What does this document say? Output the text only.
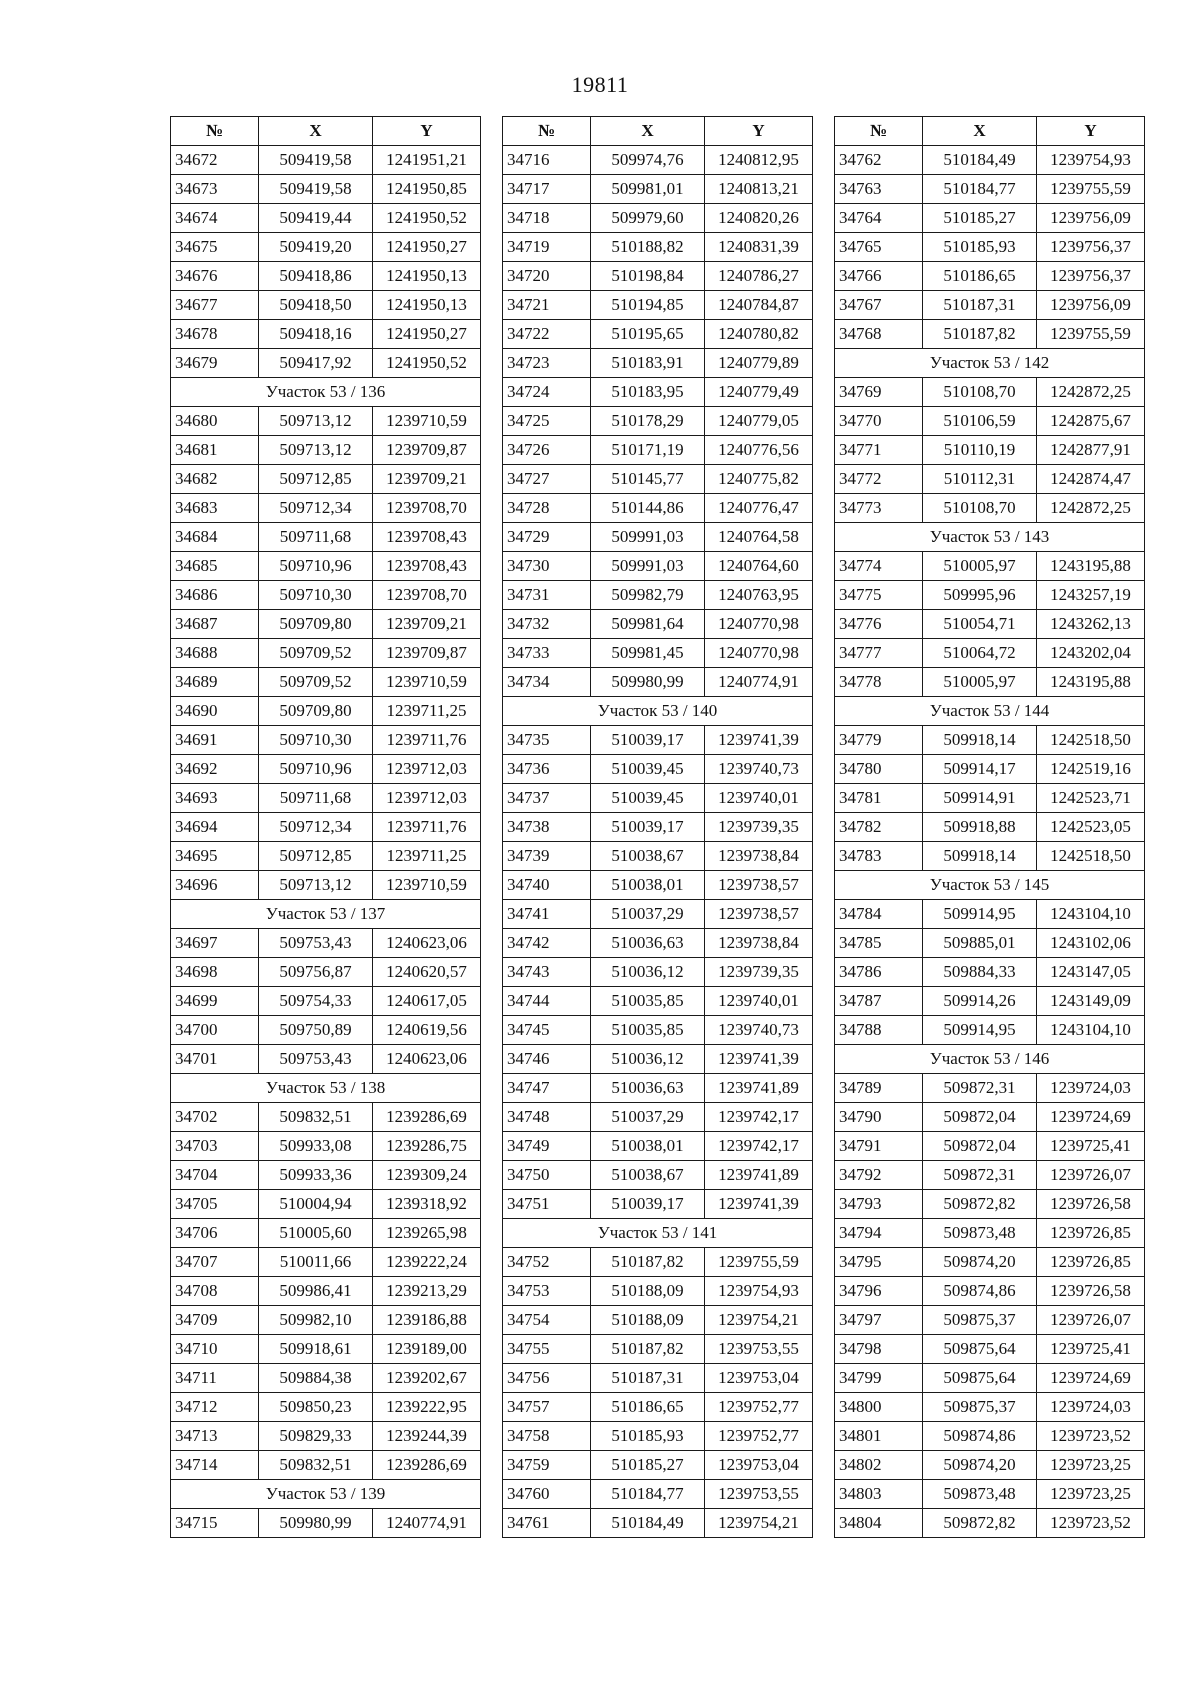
19811
№	X	Y
34672	509419,58	1241951,21
34673	509419,58	1241950,85
34674	509419,44	1241950,52
34675	509419,20	1241950,27
34676	509418,86	1241950,13
34677	509418,50	1241950,13
34678	509418,16	1241950,27
34679	509417,92	1241950,52
Участок 53 / 136		
34680	509713,12	1239710,59
34681	509713,12	1239709,87
34682	509712,85	1239709,21
34683	509712,34	1239708,70
34684	509711,68	1239708,43
34685	509710,96	1239708,43
34686	509710,30	1239708,70
34687	509709,80	1239709,21
34688	509709,52	1239709,87
34689	509709,52	1239710,59
34690	509709,80	1239711,25
34691	509710,30	1239711,76
34692	509710,96	1239712,03
34693	509711,68	1239712,03
34694	509712,34	1239711,76
34695	509712,85	1239711,25
34696	509713,12	1239710,59
Участок 53 / 137		
34697	509753,43	1240623,06
34698	509756,87	1240620,57
34699	509754,33	1240617,05
34700	509750,89	1240619,56
34701	509753,43	1240623,06
Участок 53 / 138		
34702	509832,51	1239286,69
34703	509933,08	1239286,75
34704	509933,36	1239309,24
34705	510004,94	1239318,92
34706	510005,60	1239265,98
34707	510011,66	1239222,24
34708	509986,41	1239213,29
34709	509982,10	1239186,88
34710	509918,61	1239189,00
34711	509884,38	1239202,67
34712	509850,23	1239222,95
34713	509829,33	1239244,39
34714	509832,51	1239286,69
Участок 53 / 139		
34715	509980,99	1240774,91
№	X	Y
34716	509974,76	1240812,95
34717	509981,01	1240813,21
34718	509979,60	1240820,26
34719	510188,82	1240831,39
34720	510198,84	1240786,27
34721	510194,85	1240784,87
34722	510195,65	1240780,82
34723	510183,91	1240779,89
34724	510183,95	1240779,49
34725	510178,29	1240779,05
34726	510171,19	1240776,56
34727	510145,77	1240775,82
34728	510144,86	1240776,47
34729	509991,03	1240764,58
34730	509991,03	1240764,60
34731	509982,79	1240763,95
34732	509981,64	1240770,98
34733	509981,45	1240770,98
34734	509980,99	1240774,91
Участок 53 / 140		
34735	510039,17	1239741,39
34736	510039,45	1239740,73
34737	510039,45	1239740,01
34738	510039,17	1239739,35
34739	510038,67	1239738,84
34740	510038,01	1239738,57
34741	510037,29	1239738,57
34742	510036,63	1239738,84
34743	510036,12	1239739,35
34744	510035,85	1239740,01
34745	510035,85	1239740,73
34746	510036,12	1239741,39
34747	510036,63	1239741,89
34748	510037,29	1239742,17
34749	510038,01	1239742,17
34750	510038,67	1239741,89
34751	510039,17	1239741,39
Участок 53 / 141		
34752	510187,82	1239755,59
34753	510188,09	1239754,93
34754	510188,09	1239754,21
34755	510187,82	1239753,55
34756	510187,31	1239753,04
34757	510186,65	1239752,77
34758	510185,93	1239752,77
34759	510185,27	1239753,04
34760	510184,77	1239753,55
34761	510184,49	1239754,21
№	X	Y
34762	510184,49	1239754,93
34763	510184,77	1239755,59
34764	510185,27	1239756,09
34765	510185,93	1239756,37
34766	510186,65	1239756,37
34767	510187,31	1239756,09
34768	510187,82	1239755,59
Участок 53 / 142		
34769	510108,70	1242872,25
34770	510106,59	1242875,67
34771	510110,19	1242877,91
34772	510112,31	1242874,47
34773	510108,70	1242872,25
Участок 53 / 143		
34774	510005,97	1243195,88
34775	509995,96	1243257,19
34776	510054,71	1243262,13
34777	510064,72	1243202,04
34778	510005,97	1243195,88
Участок 53 / 144		
34779	509918,14	1242518,50
34780	509914,17	1242519,16
34781	509914,91	1242523,71
34782	509918,88	1242523,05
34783	509918,14	1242518,50
Участок 53 / 145		
34784	509914,95	1243104,10
34785	509885,01	1243102,06
34786	509884,33	1243147,05
34787	509914,26	1243149,09
34788	509914,95	1243104,10
Участок 53 / 146		
34789	509872,31	1239724,03
34790	509872,04	1239724,69
34791	509872,04	1239725,41
34792	509872,31	1239726,07
34793	509872,82	1239726,58
34794	509873,48	1239726,85
34795	509874,20	1239726,85
34796	509874,86	1239726,58
34797	509875,37	1239726,07
34798	509875,64	1239725,41
34799	509875,64	1239724,69
34800	509875,37	1239724,03
34801	509874,86	1239723,52
34802	509874,20	1239723,25
34803	509873,48	1239723,25
34804	509872,82	1239723,52
